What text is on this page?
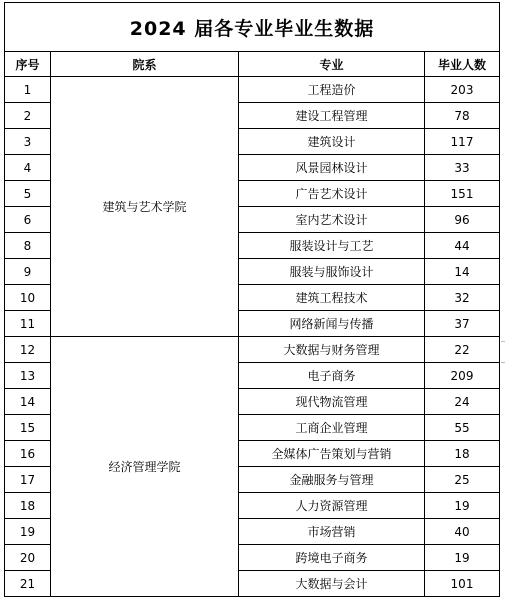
2024 届各专业毕业生数据			
序号	院系	专业	毕业人数
1	建筑与艺术学院	工程造价	203
2		建设工程管理	78
3		建筑设计	117
4		风景园林设计	33
5		广告艺术设计	151
6		室内艺术设计	96
8		服装设计与工艺	44
9		服装与服饰设计	14
10		建筑工程技术	32
11		网络新闻与传播	37
12	经济管理学院	大数据与财务管理	22
13		电子商务	209
14		现代物流管理	24
15		工商企业管理	55
16		全媒体广告策划与营销	18
17		金融服务与管理	25
18		人力资源管理	19
19		市场营销	40
20		跨境电子商务	19
21		大数据与会计	101
